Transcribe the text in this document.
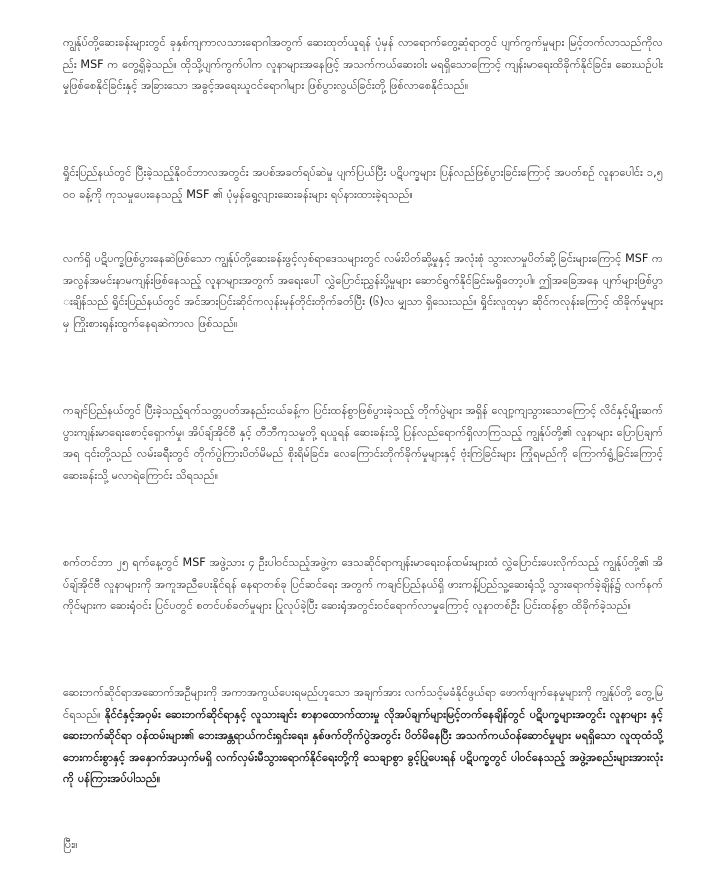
ကျွန်ုပ်တို့ဆေးခန်းများတွင် ခုနှစ်ကျကာလသားရောဂါအတွက် ဆေးထုတ်ယူရန် ပုံမှန် လာရောက်တွေ့ဆုံရာတွင် ပျက်ကွက်မှုများ မြင့်တက်လာသည်ကိုလည်း MSF က တွေ့ရှိခဲ့သည်။ ထိုသို့ပျက်ကွက်ပါက လူနာများအနေဖြင့် အသက်ကယ်ဆေးဝါး မရရှိသောကြောင့် ကျန်းမာရေးထိခိုက်နိုင်ခြင်း၊ ဆေးယဉ်ပါးမှုဖြစ်စေနိုင်ခြင်းနှင့် အခြားသော အခွင့်အရေးယူငင်ရောဂါများ ဖြစ်ပွားလွယ်ခြင်းတို့ ဖြစ်လာစေနိုင်သည်။

ရှိုင်းပြည်နယ်တွင် ပြီးခဲ့သည့်နိုဝင်ဘာလအတွင်း အပစ်အခတ်ရပ်ဆဲမှု ပျက်ပြယ်ပြီး ပဋိပက္ခများ ပြန်လည်ဖြစ်ပွားခြင်းကြောင့် အပတ်စဉ် လူနာပေါင်း ၁,၅၀၀ ခန့်ကို ကုသမှုပေးနေသည့် MSF ၏ ပုံမှန်ရွေ့လျားဆေးခန်းများ ရပ်နားထားခဲ့ရသည်။

လက်ရှိ ပဋိပက္ခဖြစ်ပွားနေဆဲဖြစ်သော ကျွန်ုပ်တို့ဆေးခန်းဖွင့်လှစ်ရာဒေသများတွင် လမ်းပိတ်ဆို့မှုနှင့် အလုံးစုံ သွားလာမှုပိတ်ဆို့ခြင်းများကြောင့် MSF က အလွန်အမင်းနာမကျန်းဖြစ်နေသည့် လူနာများအတွက် အရေးပေါ် လွှဲပြောင်းညွှန်းပို့မှုများ ဆောင်ရွက်နိုင်ခြင်းမရှိတော့ပါ။ ဤအခြေအနေ ပျက်များဖြစ်ပွားချိန်သည် ရှိုင်းပြည်နယ်တွင် အင်အားပြင်းဆိုင်ကလုန်းမုန်တိုင်းတိုက်ခတ်ပြီး (၆)လ မျှသာ ရှိသေးသည်။ ရှိုင်းလူထုမှာ ဆိုင်ကလုန်းကြောင့် ထိခိုက်မှုများမှ ကြိုးစားရုန်းထွက်နေရဆဲကာလ ဖြစ်သည်။

ကချင်ပြည်နယ်တွင် ပြီးခဲ့သည့်ရက်သတ္တပတ်အနည်းငယ်ခန့်က ပြင်းထန်စွာဖြစ်ပွားခဲ့သည့် တိုက်ပွဲများ အရှိန် လျော့ကျသွားသောကြောင့် လိင်နှင့်မျိုးဆက်ပွားကျန်းမာရေးစောင့်ရှောက်မှု၊ အိပ်ချ်အိုင်ဗီ နှင့် တီဘီကုသမှုတို့ ရယူရန် ဆေးခန်းသို့ ပြန်လည်ရောက်ရှိလာကြသည့် ကျွန်ုပ်တို့၏ လူနာများ ပြောပြချက်အရ ၎င်းတို့သည် လမ်းခရီးတွင် တိုက်ပွဲကြားပိတ်မိမည် စိုးရိမ်ခြင်း၊ လေကြောင်းတိုက်ခိုက်မှုများနှင့် ဗုံးကြဲခြင်းများ ကြုံရမည်ကို ကြောက်ရွံ့ခြင်းကြောင့် ဆေးခန်းသို့ မလာရဲကြောင်း သိရသည်။

စက်တင်ဘာ ၂၅ ရက်နေ့တွင် MSF အဖွဲ့သား ၄ ဦးပါဝင်သည့်အဖွဲ့က ဒေသဆိုင်ရာကျန်းမာရေးဝန်ထမ်းများထံ လွှဲပြောင်းပေးလိုက်သည့် ကျွန်ုပ်တို့၏ အိပ်ချ်အိုင်ဗီ လူနာများကို အကူအညီပေးနိုင်ရန် နေရာတစ်ခု ပြင်ဆင်ရေး အတွက် ကချင်ပြည်နယ်ရှိ ဖားကန့်ပြည်သူ့ဆေးရုံသို့ သွားရောက်ခဲ့ချိန်၌ လက်နက်ကိုင်များက ဆေးရုံဝင်း ပြင်ပတွင် စတင်ပစ်ခတ်မှုများ ပြုလုပ်ခဲ့ပြီး ဆေးရုံအတွင်းဝင်ရောက်လာမှုကြောင့် လူနာတစ်ဦး ပြင်းထန်စွာ ထိခိုက်ခဲ့သည်။

ဆေးဘက်ဆိုင်ရာအဆောက်အဦများကို အကာအကွယ်ပေးရမည်ဟူသော အချက်အား လက်သင့်မခံနိုင်ဖွယ်ရာ ဖောက်ဖျက်နေမှုများကို ကျွန်ုပ်တို့ တွေ့မြင်ရသည်။ နိုင်ငံနှင့်အဝှမ်း ဆေးဘက်ဆိုင်ရာနှင့် လူသားချင်း စာနာထောက်ထားမှု လိုအပ်ချက်များမြင့်တက်နေချိန်တွင် ပဋိပက္ခများအတွင်း လူနာများ နှင့် ဆေးဘက်ဆိုင်ရာ ဝန်ထမ်းများ၏ ဘေးအန္တရာယ်ကင်းရှင်းရေး၊ နှစ်ဖက်တိုက်ပွဲအတွင်း ပိတ်မိနေပြီး အသက်ကယ်ဝန်ဆောင်မှုများ မရရှိသော လူထုထံသို့ ဘေးကင်းစွာနှင့် အနှောက်အယှက်မရှိ လက်လှမ်းမီသွားရောက်နိုင်ရေးတို့ကို သေချာစွာ ခွင့်ပြုပေးရန် ပဋိပက္ခတွင် ပါဝင်နေသည့် အဖွဲ့အစည်းများအားလုံးကို ပန်ကြားအပ်ပါသည်။

ပြီး။
